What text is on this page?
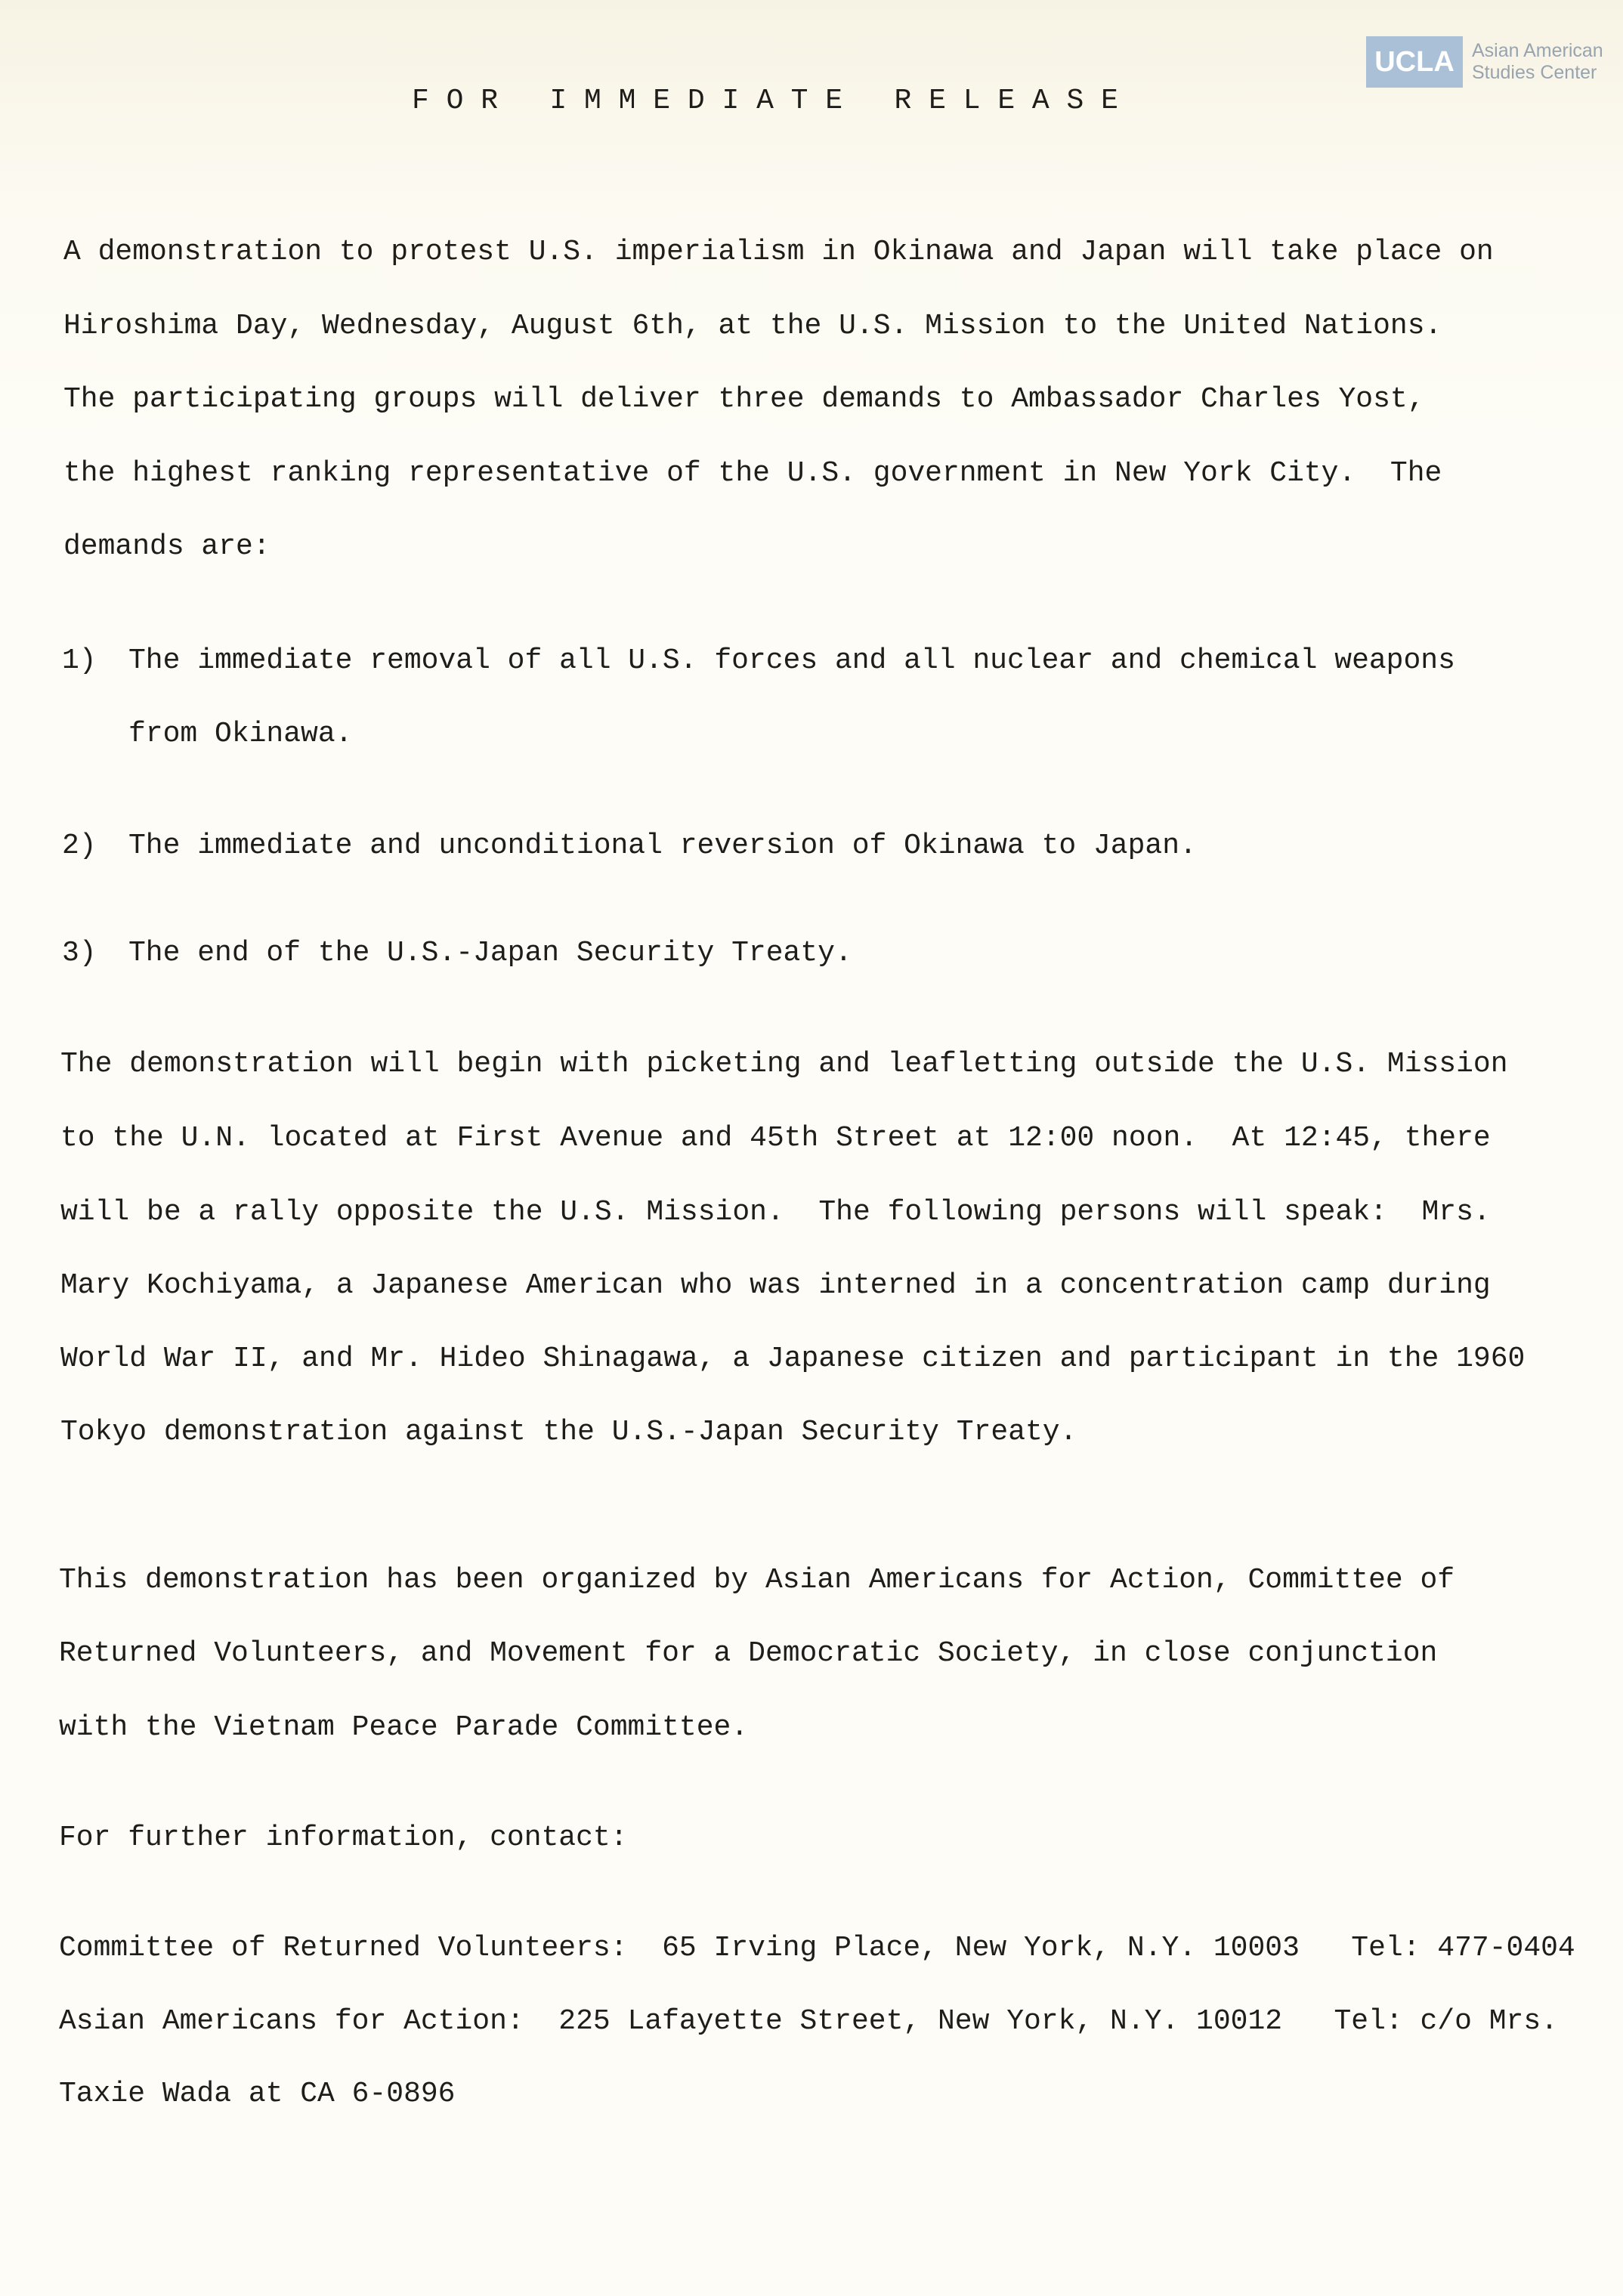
UCLA Asian American
Studies Center
F O R   I M M E D I A T E   R E L E A S E
A demonstration to protest U.S. imperialism in Okinawa and Japan will take place on
Hiroshima Day, Wednesday, August 6th, at the U.S. Mission to the United Nations.
The participating groups will deliver three demands to Ambassador Charles Yost,
the highest ranking representative of the U.S. government in New York City.  The
demands are:
1) The immediate removal of all U.S. forces and all nuclear and chemical weapons
from Okinawa.
2) The immediate and unconditional reversion of Okinawa to Japan.
3) The end of the U.S.-Japan Security Treaty.
The demonstration will begin with picketing and leafletting outside the U.S. Mission
to the U.N. located at First Avenue and 45th Street at 12:00 noon.  At 12:45, there
will be a rally opposite the U.S. Mission.  The following persons will speak:  Mrs.
Mary Kochiyama, a Japanese American who was interned in a concentration camp during
World War II, and Mr. Hideo Shinagawa, a Japanese citizen and participant in the 1960
Tokyo demonstration against the U.S.-Japan Security Treaty.
This demonstration has been organized by Asian Americans for Action, Committee of
Returned Volunteers, and Movement for a Democratic Society, in close conjunction
with the Vietnam Peace Parade Committee.
For further information, contact:
Committee of Returned Volunteers:  65 Irving Place, New York, N.Y. 10003   Tel: 477-0404
Asian Americans for Action:  225 Lafayette Street, New York, N.Y. 10012   Tel: c/o Mrs.
Taxie Wada at CA 6-0896
